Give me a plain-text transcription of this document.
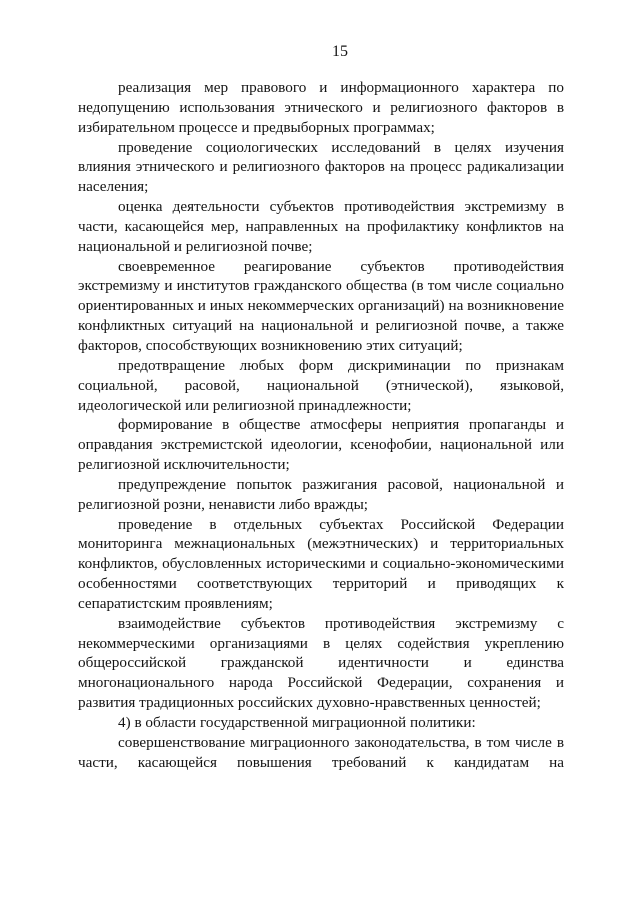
15

реализация мер правового и информационного характера по недопущению использования этнического и религиозного факторов в избирательном процессе и предвыборных программах;

проведение социологических исследований в целях изучения влияния этнического и религиозного факторов на процесс радикализации населения;

оценка деятельности субъектов противодействия экстремизму в части, касающейся мер, направленных на профилактику конфликтов на национальной и религиозной почве;

своевременное реагирование субъектов противодействия экстремизму и институтов гражданского общества (в том числе социально ориентированных и иных некоммерческих организаций) на возникновение конфликтных ситуаций на национальной и религиозной почве, а также факторов, способствующих возникновению этих ситуаций;

предотвращение любых форм дискриминации по признакам социальной, расовой, национальной (этнической), языковой, идеологической или религиозной принадлежности;

формирование в обществе атмосферы неприятия пропаганды и оправдания экстремистской идеологии, ксенофобии, национальной или религиозной исключительности;

предупреждение попыток разжигания расовой, национальной и религиозной розни, ненависти либо вражды;

проведение в отдельных субъектах Российской Федерации мониторинга межнациональных (межэтнических) и территориальных конфликтов, обусловленных историческими и социально-экономическими особенностями соответствующих территорий и приводящих к сепаратистским проявлениям;

взаимодействие субъектов противодействия экстремизму с некоммерческими организациями в целях содействия укреплению общероссийской гражданской идентичности и единства многонационального народа Российской Федерации, сохранения и развития традиционных российских духовно-нравственных ценностей;

4) в области государственной миграционной политики:

совершенствование миграционного законодательства, в том числе в части, касающейся повышения требований к кандидатам на
